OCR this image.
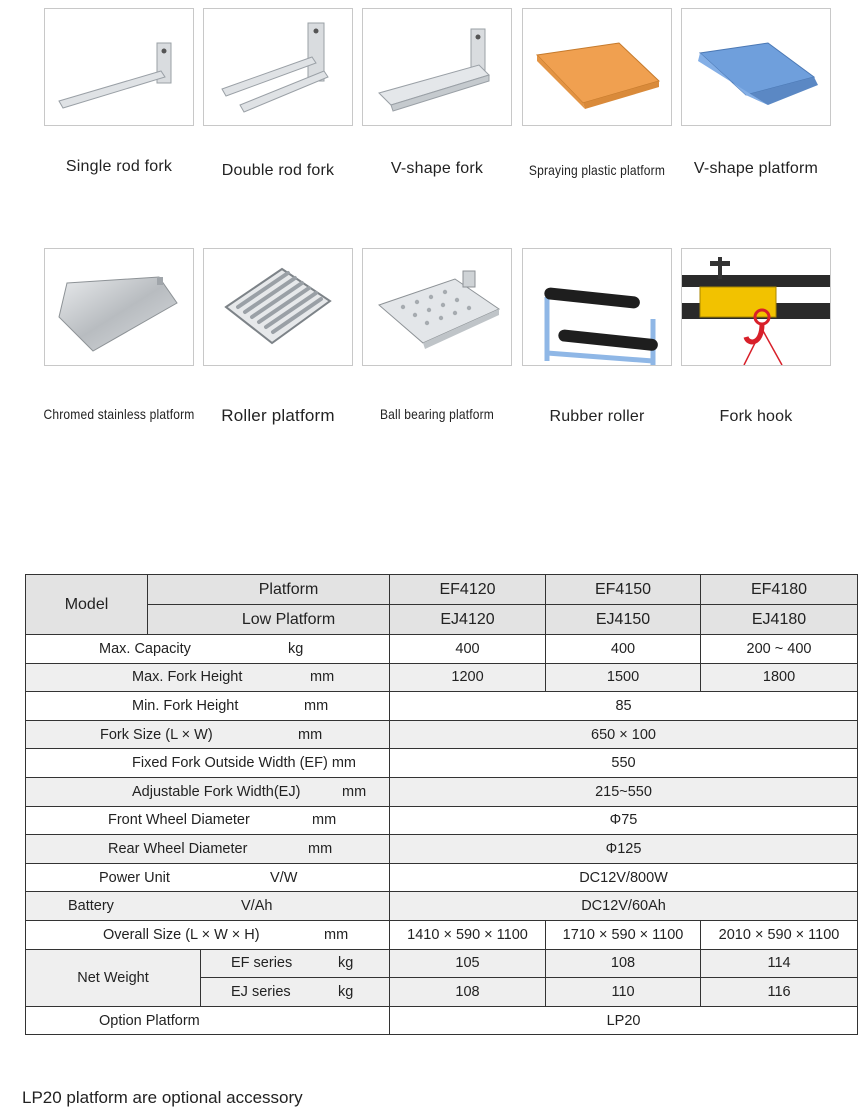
Single rod fork	Double rod fork	V-shape fork	Spraying plastic platform	V-shape platform
Chromed stainless platform	Roller platform	Ball bearing platform	Rubber roller	Fork hook
Model	Platform		EF4120	EF4150	EF4180
	Low Platform		EJ4120	EJ4150	EJ4180

Max. Capacity kg			400	400	200 ~ 400

Max. Fork Height mm			1200	1500	1800

Min. Fork Height mm			85		

Fork Size (L × W) mm			650 × 100		

Fixed Fork Outside Width (EF) mm			550		

Adjustable Fork Width(EJ) mm			215~550		

Front Wheel Diameter mm			Φ75		

Rear Wheel Diameter mm			Φ125		

Power Unit V/W			DC12V/800W		

Battery V/Ah			DC12V/60Ah		

Overall Size (L × W × H) mm			1410 × 590 × 1100	1710 × 590 × 1100	2010 × 590 × 1100
Net Weight		EF series kg	105	108	114

		EJ series kg	108	110	116

Option Platform			LP20		
LP20 platform are optional accessory
